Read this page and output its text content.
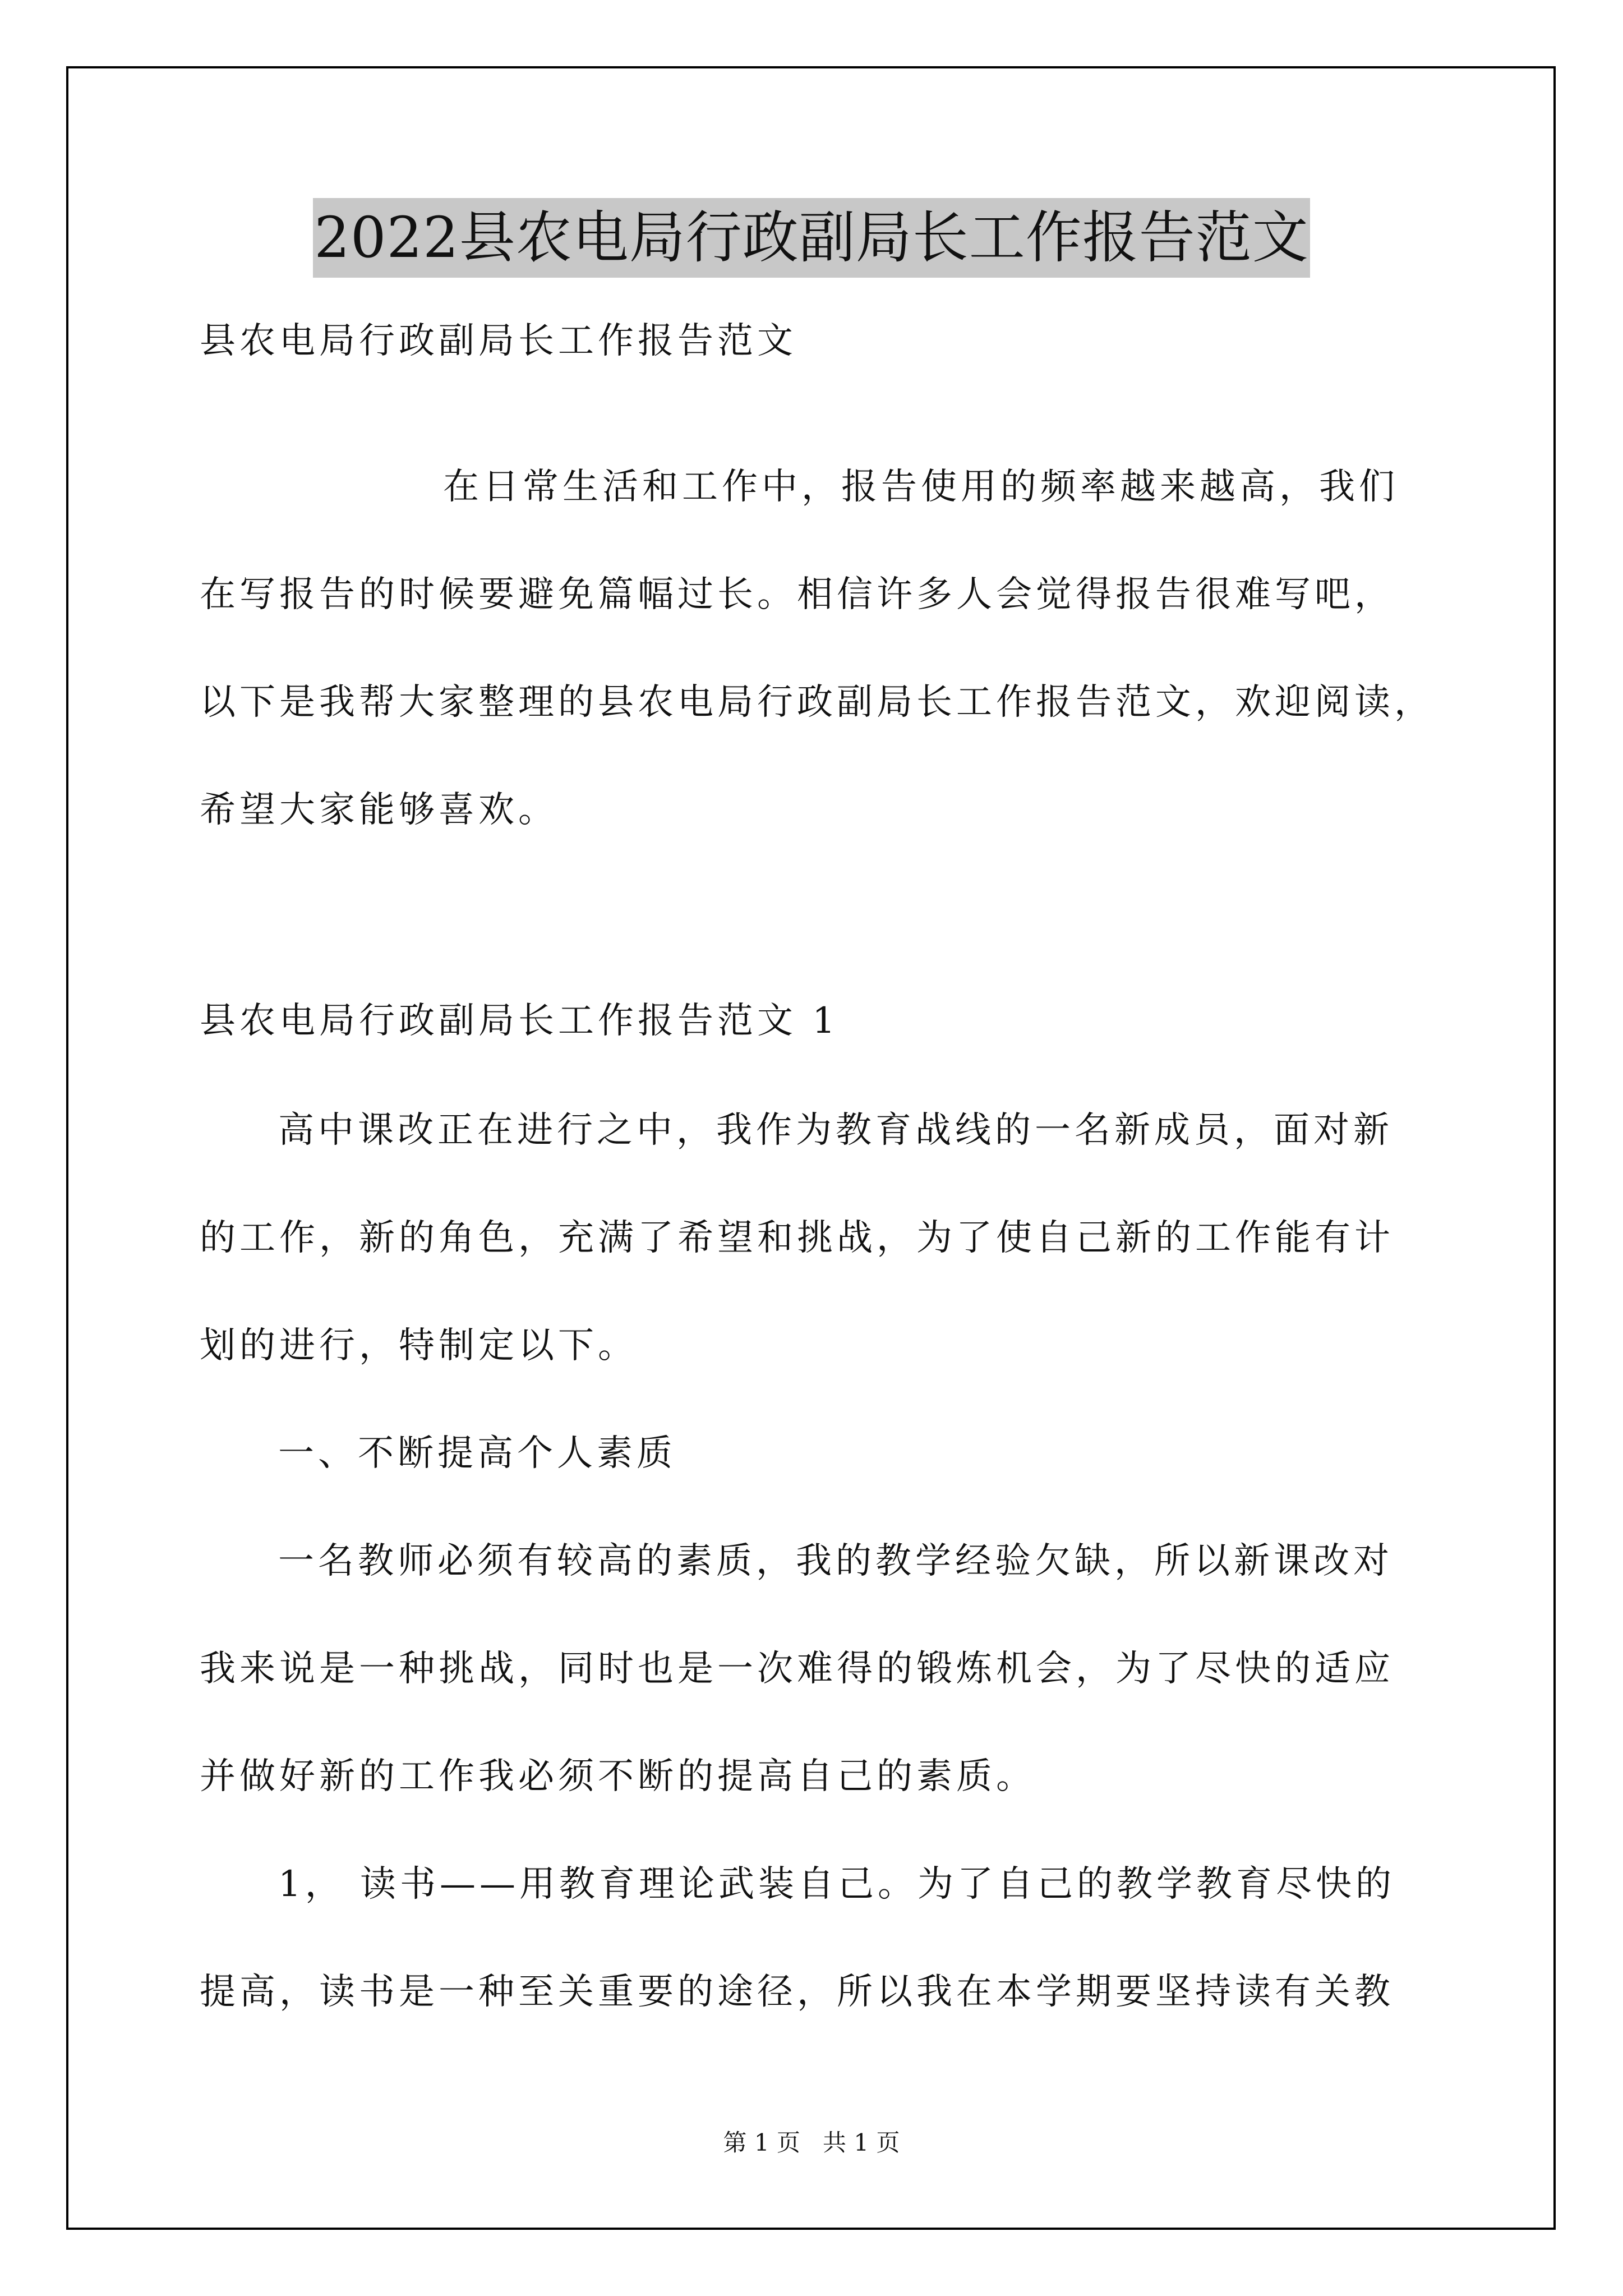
2022县农电局行政副局长工作报告范文
县农电局行政副局长工作报告范文
在日常生活和工作中，报告使用的频率越来越高，我们
在写报告的时候要避免篇幅过长。相信许多人会觉得报告很难写吧，
以下是我帮大家整理的县农电局行政副局长工作报告范文，欢迎阅读，
希望大家能够喜欢。
县农电局行政副局长工作报告范文 1
高中课改正在进行之中，我作为教育战线的一名新成员，面对新
的工作，新的角色，充满了希望和挑战，为了使自己新的工作能有计
划的进行，特制定以下。
一、不断提高个人素质
一名教师必须有较高的素质，我的教学经验欠缺，所以新课改对
我来说是一种挑战，同时也是一次难得的锻炼机会，为了尽快的适应
并做好新的工作我必须不断的提高自己的素质。
1， 读书——用教育理论武装自己。为了自己的教学教育尽快的
提高，读书是一种至关重要的途径，所以我在本学期要坚持读有关教
第 1 页   共 1 页
